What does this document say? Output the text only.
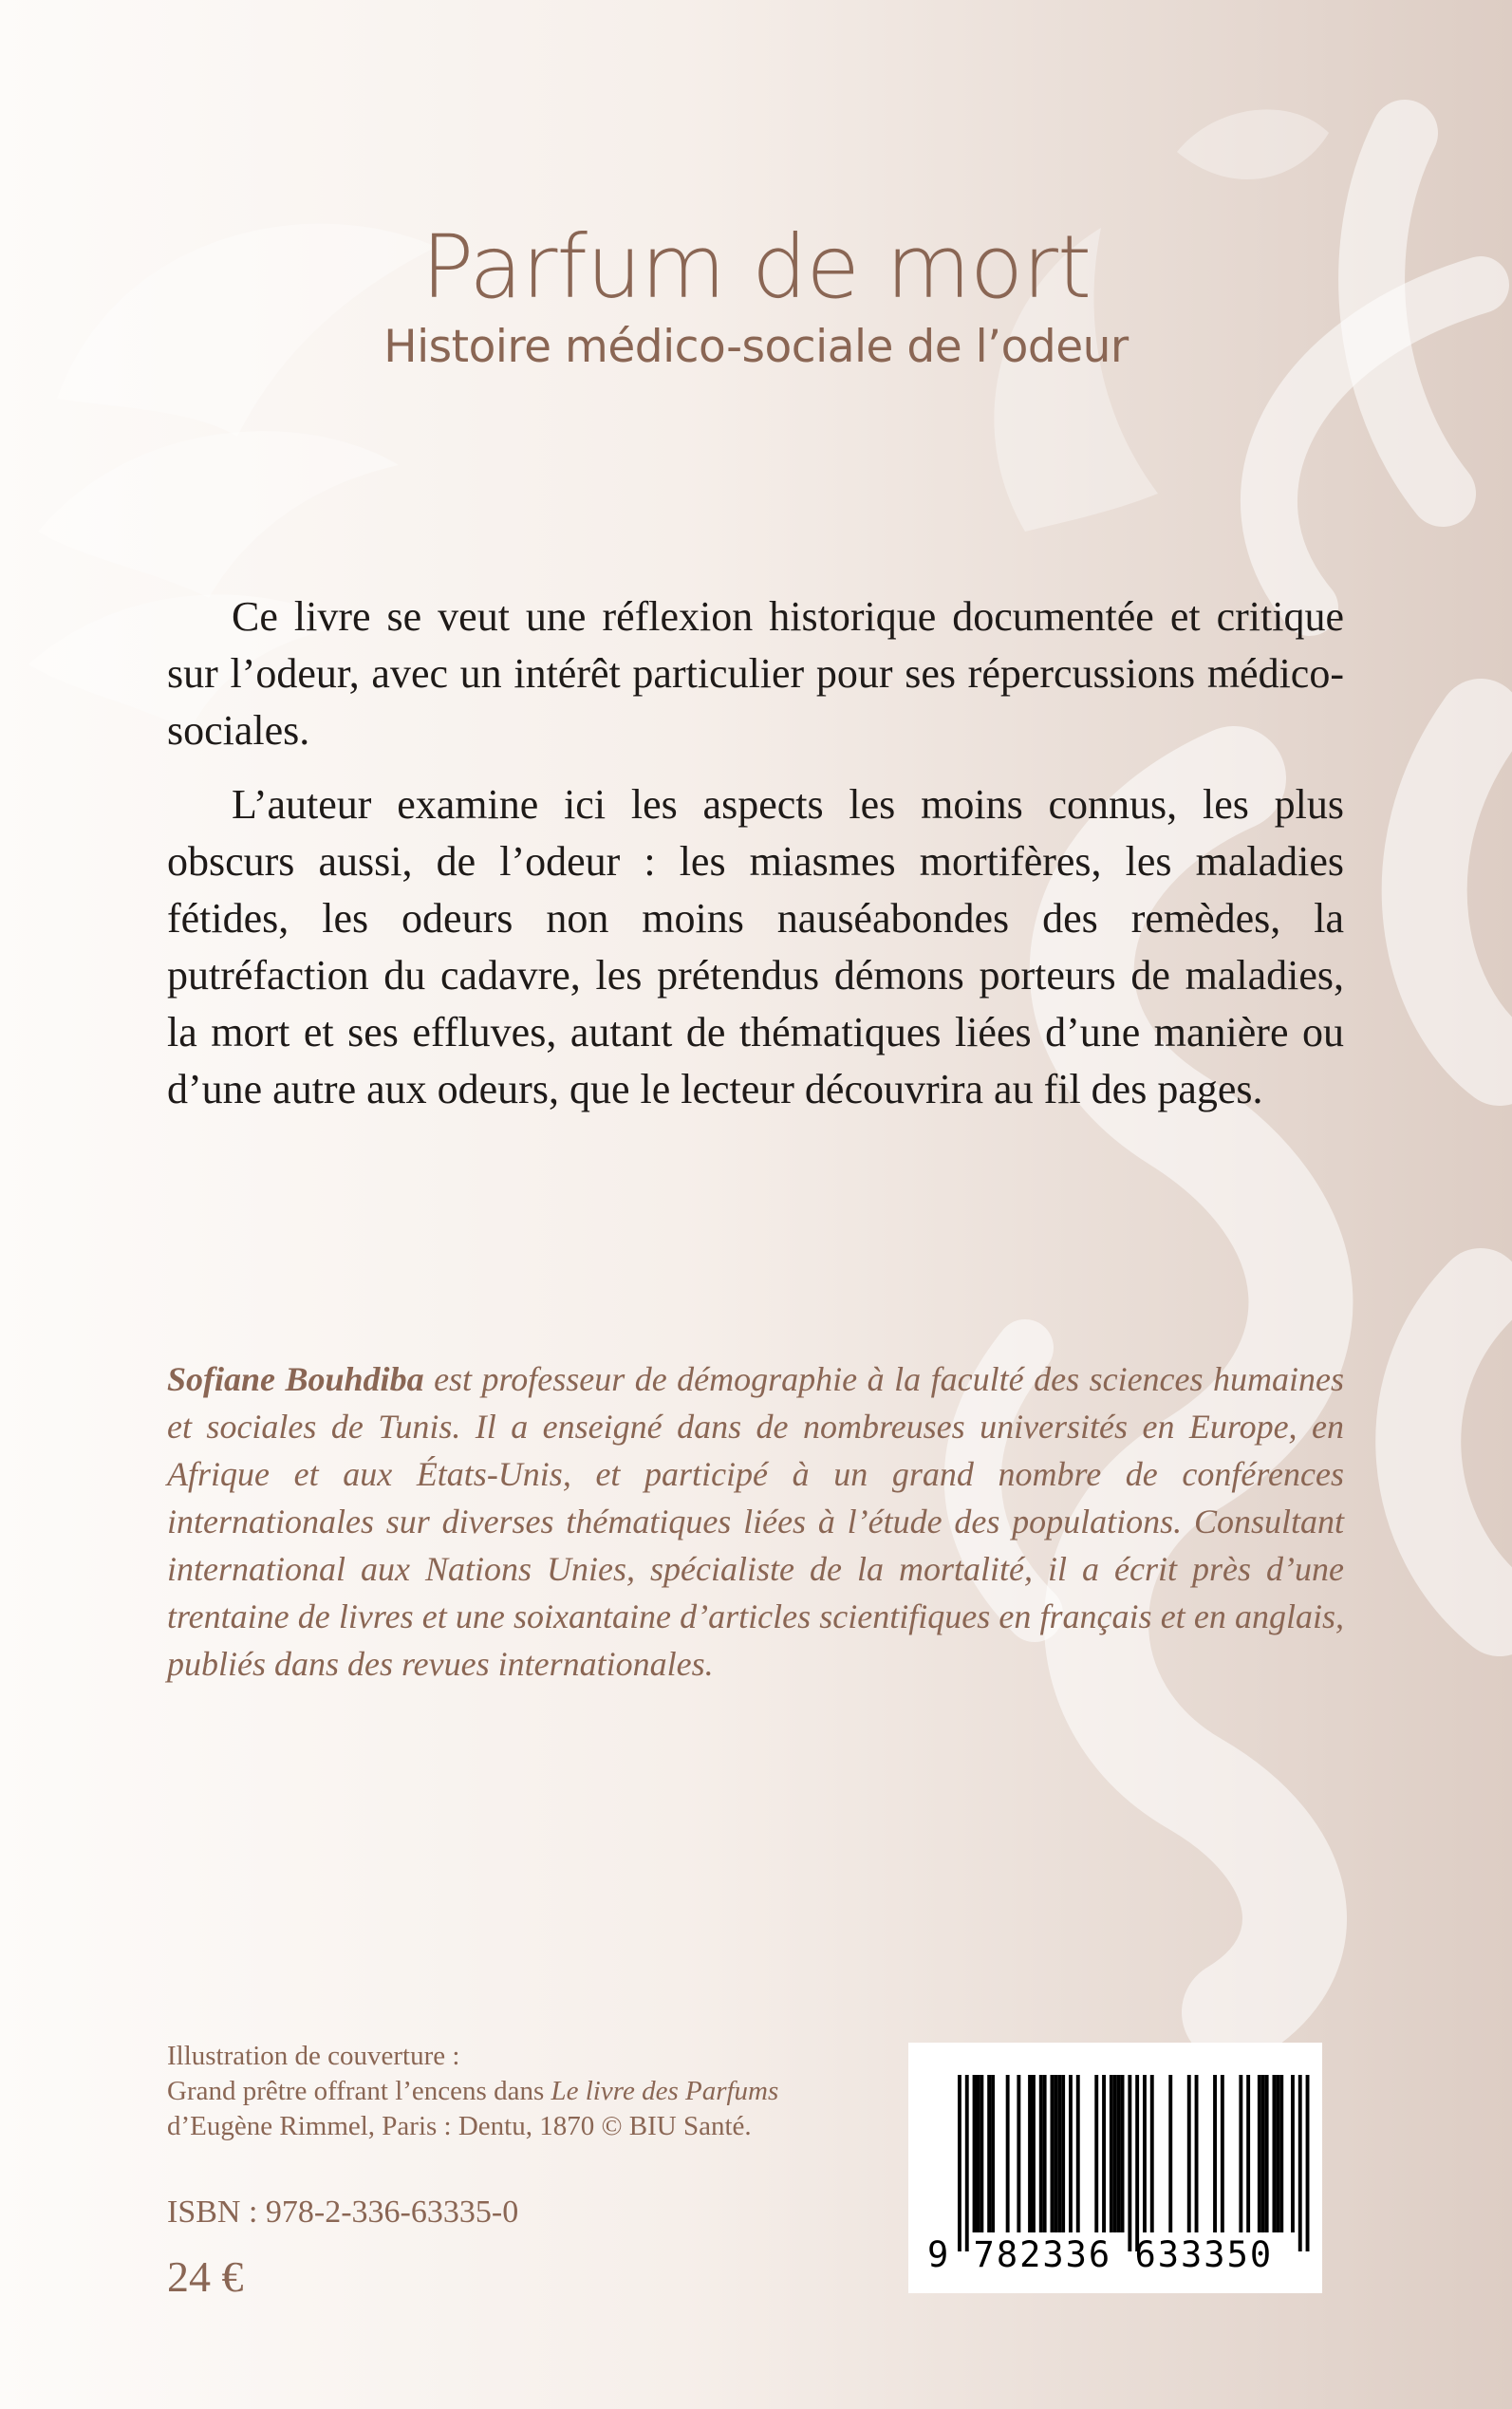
Parfum de mort
Histoire médico-sociale de l’odeur

Ce livre se veut une réflexion historique documentée et critique sur l’odeur, avec un intérêt particulier pour ses répercussions médico-sociales.

L’auteur examine ici les aspects les moins connus, les plus obscurs aussi, de l’odeur : les miasmes mortifères, les maladies fétides, les odeurs non moins nauséabondes des remèdes, la putréfaction du cadavre, les prétendus démons porteurs de maladies, la mort et ses effluves, autant de thématiques liées d’une manière ou d’une autre aux odeurs, que le lecteur découvrira au fil des pages.

Sofiane Bouhdiba est professeur de démographie à la faculté des sciences humaines et sociales de Tunis. Il a enseigné dans de nombreuses universités en Europe, en Afrique et aux États-Unis, et participé à un grand nombre de conférences internationales sur diverses thématiques liées à l’étude des populations. Consultant international aux Nations Unies, spécialiste de la mortalité, il a écrit près d’une trentaine de livres et une soixantaine d’articles scientifiques en français et en anglais, publiés dans des revues internationales.

Illustration de couverture :
Grand prêtre offrant l’encens dans Le livre des Parfums
d’Eugène Rimmel, Paris : Dentu, 1870 © BIU Santé.
ISBN : 978-2-336-63335-0
24 €	9 782336 633350
